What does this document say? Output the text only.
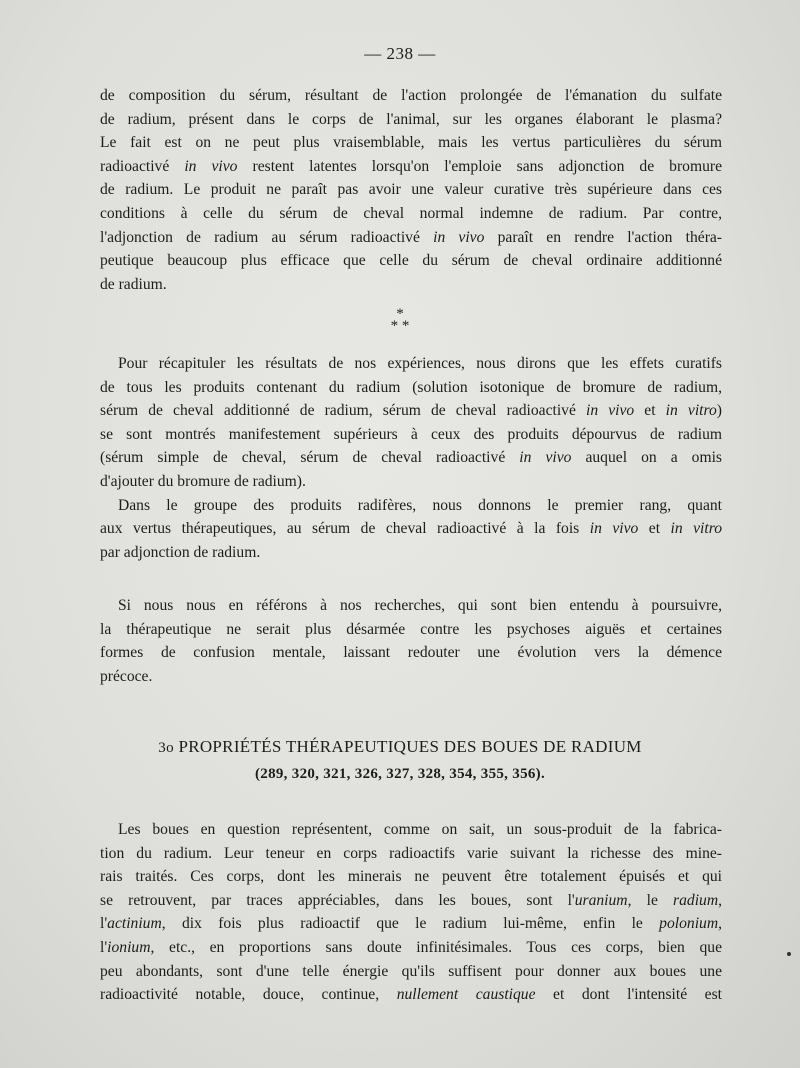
— 238 —
de composition du sérum, résultant de l'action prolongée de l'émanation du sulfate
de radium, présent dans le corps de l'animal, sur les organes élaborant le plasma?
Le fait est on ne peut plus vraisemblable, mais les vertus particulières du sérum
radioactivé in vivo restent latentes lorsqu'on l'emploie sans adjonction de bromure
de radium. Le produit ne paraît pas avoir une valeur curative très supérieure dans ces
conditions à celle du sérum de cheval normal indemne de radium. Par contre,
l'adjonction de radium au sérum radioactivé in vivo paraît en rendre l'action théra-
peutique beaucoup plus efficace que celle du sérum de cheval ordinaire additionné
de radium.
*
* *
Pour récapituler les résultats de nos expériences, nous dirons que les effets curatifs
de tous les produits contenant du radium (solution isotonique de bromure de radium,
sérum de cheval additionné de radium, sérum de cheval radioactivé in vivo et in vitro)
se sont montrés manifestement supérieurs à ceux des produits dépourvus de radium
(sérum simple de cheval, sérum de cheval radioactivé in vivo auquel on a omis
d'ajouter du bromure de radium).
Dans le groupe des produits radifères, nous donnons le premier rang, quant
aux vertus thérapeutiques, au sérum de cheval radioactivé à la fois in vivo et in vitro
par adjonction de radium.
Si nous nous en référons à nos recherches, qui sont bien entendu à poursuivre,
la thérapeutique ne serait plus désarmée contre les psychoses aiguës et certaines
formes de confusion mentale, laissant redouter une évolution vers la démence
précoce.
3o PROPRIÉTÉS THÉRAPEUTIQUES DES BOUES DE RADIUM
(289, 320, 321, 326, 327, 328, 354, 355, 356).
Les boues en question représentent, comme on sait, un sous-produit de la fabrica-
tion du radium. Leur teneur en corps radioactifs varie suivant la richesse des mine-
rais traités. Ces corps, dont les minerais ne peuvent être totalement épuisés et qui
se retrouvent, par traces appréciables, dans les boues, sont l'uranium, le radium,
l'actinium, dix fois plus radioactif que le radium lui-même, enfin le polonium,
l'ionium, etc., en proportions sans doute infinitésimales. Tous ces corps, bien que
peu abondants, sont d'une telle énergie qu'ils suffisent pour donner aux boues une
radioactivité notable, douce, continue, nullement caustique et dont l'intensité est
